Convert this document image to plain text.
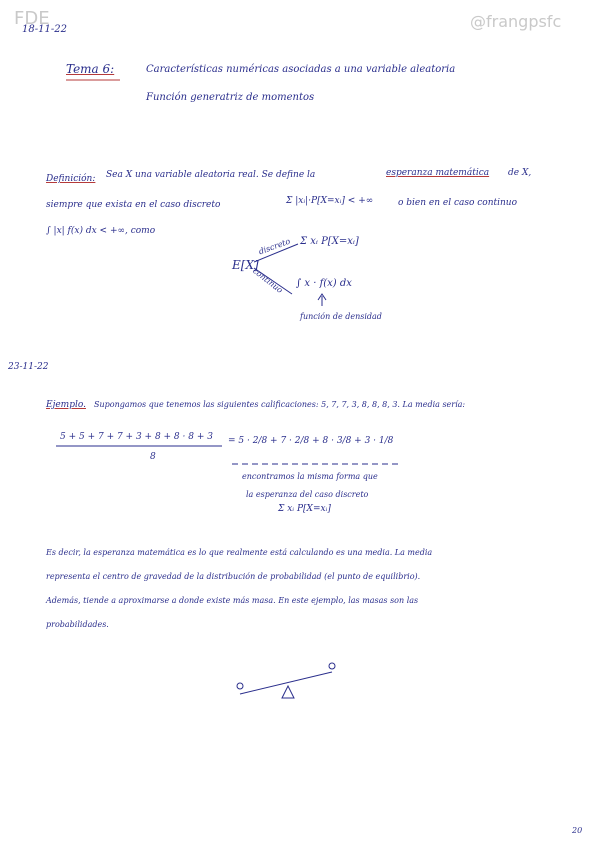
FDE	@frangpsfc
18-11-22
Tema 6:	Características numéricas asociadas a una variable aleatoria
Función generatriz de momentos
Definición: Sea X una variable aleatoria real. Se define la	esperanza matemática de X,
siempre que exista en el caso discreto	Σ |xᵢ|·P[X=xᵢ] < +∞	o bien en el caso continuo
∫ |x| f(x) dx < +∞, como
E[X]
discreto
continuo
Σ xᵢ P[X=xᵢ]
∫ x · f(x) dx
función de densidad
23-11-22
Ejemplo. Supongamos que tenemos las siguientes calificaciones: 5, 7, 7, 3, 8, 8, 8, 3. La media sería:
5 + 5 + 7 + 7 + 3 + 8 + 8 · 8 + 3
8
= 5 · 2/8 + 7 · 2/8 + 8 · 3/8 + 3 · 1/8
encontramos la misma forma que
la esperanza del caso discreto
Σ xᵢ P[X=xᵢ]
Es decir, la esperanza matemática es lo que realmente está calculando es una media. La media
representa el centro de gravedad de la distribución de probabilidad (el punto de equilibrio).
Además, tiende a aproximarse a donde existe más masa. En este ejemplo, las masas son las
probabilidades.
20
